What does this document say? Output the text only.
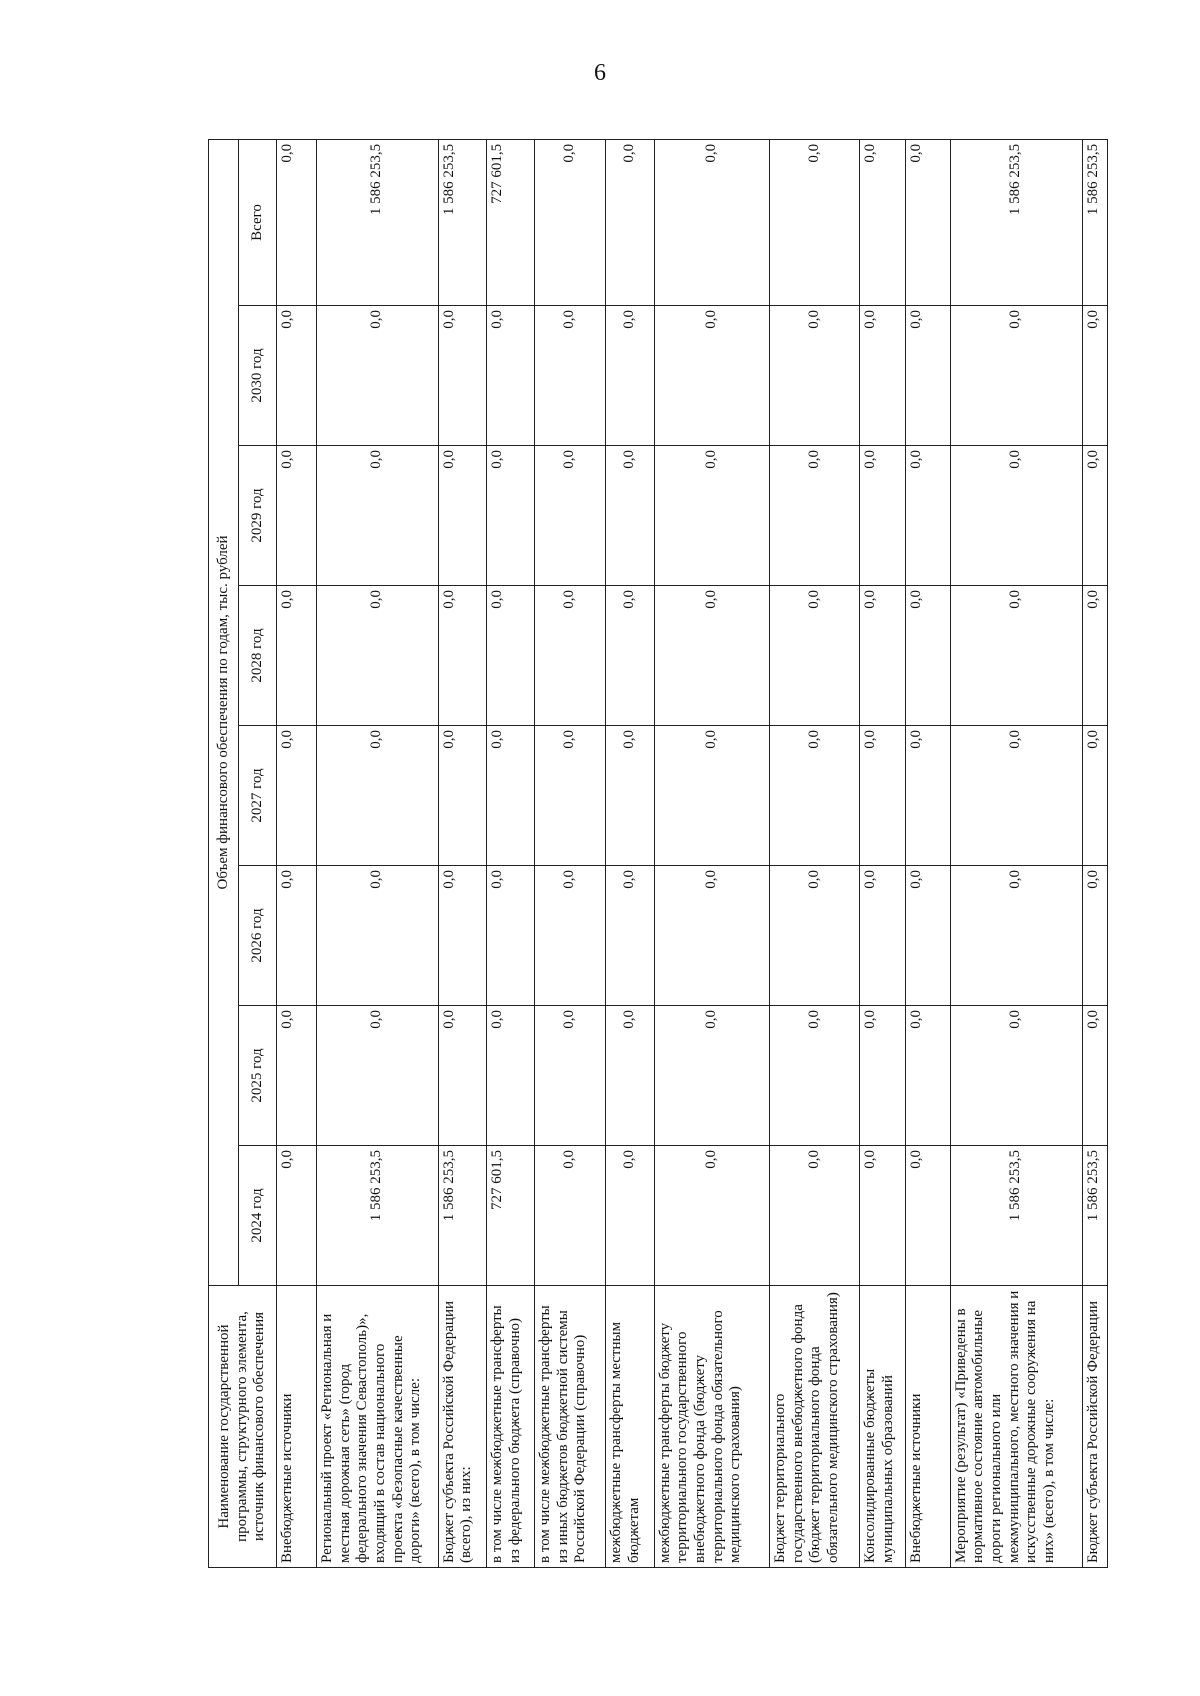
6
Наименование государственной программы, структурного элемента, источник финансового обеспечения	Объем финансового обеспечения по годам, тыс. рублей							
	2024 год	2025 год	2026 год	2027 год	2028 год	2029 год	2030 год	Всего
Внебюджетные источники	0,0	0,0	0,0	0,0	0,0	0,0	0,0	0,0
Региональный проект «Региональная и местная дорожная сеть» (город федерального значения Севастополь)», входящий в состав национального проекта «Безопасные качественные дороги» (всего), в том числе:	1 586 253,5	0,0	0,0	0,0	0,0	0,0	0,0	1 586 253,5
Бюджет субъекта Российской Федерации (всего), из них:	1 586 253,5	0,0	0,0	0,0	0,0	0,0	0,0	1 586 253,5
в том числе межбюджетные трансферты из федерального бюджета (справочно)	727 601,5	0,0	0,0	0,0	0,0	0,0	0,0	727 601,5
в том числе межбюджетные трансферты из иных бюджетов бюджетной системы Российской Федерации (справочно)	0,0	0,0	0,0	0,0	0,0	0,0	0,0	0,0
межбюджетные трансферты местным бюджетам	0,0	0,0	0,0	0,0	0,0	0,0	0,0	0,0
межбюджетные трансферты бюджету территориального государственного внебюджетного фонда (бюджету территориального фонда обязательного медицинского страхования)	0,0	0,0	0,0	0,0	0,0	0,0	0,0	0,0
Бюджет территориального государственного внебюджетного фонда (бюджет территориального фонда обязательного медицинского страхования)	0,0	0,0	0,0	0,0	0,0	0,0	0,0	0,0
Консолидированные бюджеты муниципальных образований	0,0	0,0	0,0	0,0	0,0	0,0	0,0	0,0
Внебюджетные источники	0,0	0,0	0,0	0,0	0,0	0,0	0,0	0,0
Мероприятие (результат) «Приведены в нормативное состояние автомобильные дороги регионального или межмуниципального, местного значения и искусственные дорожные сооружения на них» (всего), в том числе:	1 586 253,5	0,0	0,0	0,0	0,0	0,0	0,0	1 586 253,5
Бюджет субъекта Российской Федерации	1 586 253,5	0,0	0,0	0,0	0,0	0,0	0,0	1 586 253,5
